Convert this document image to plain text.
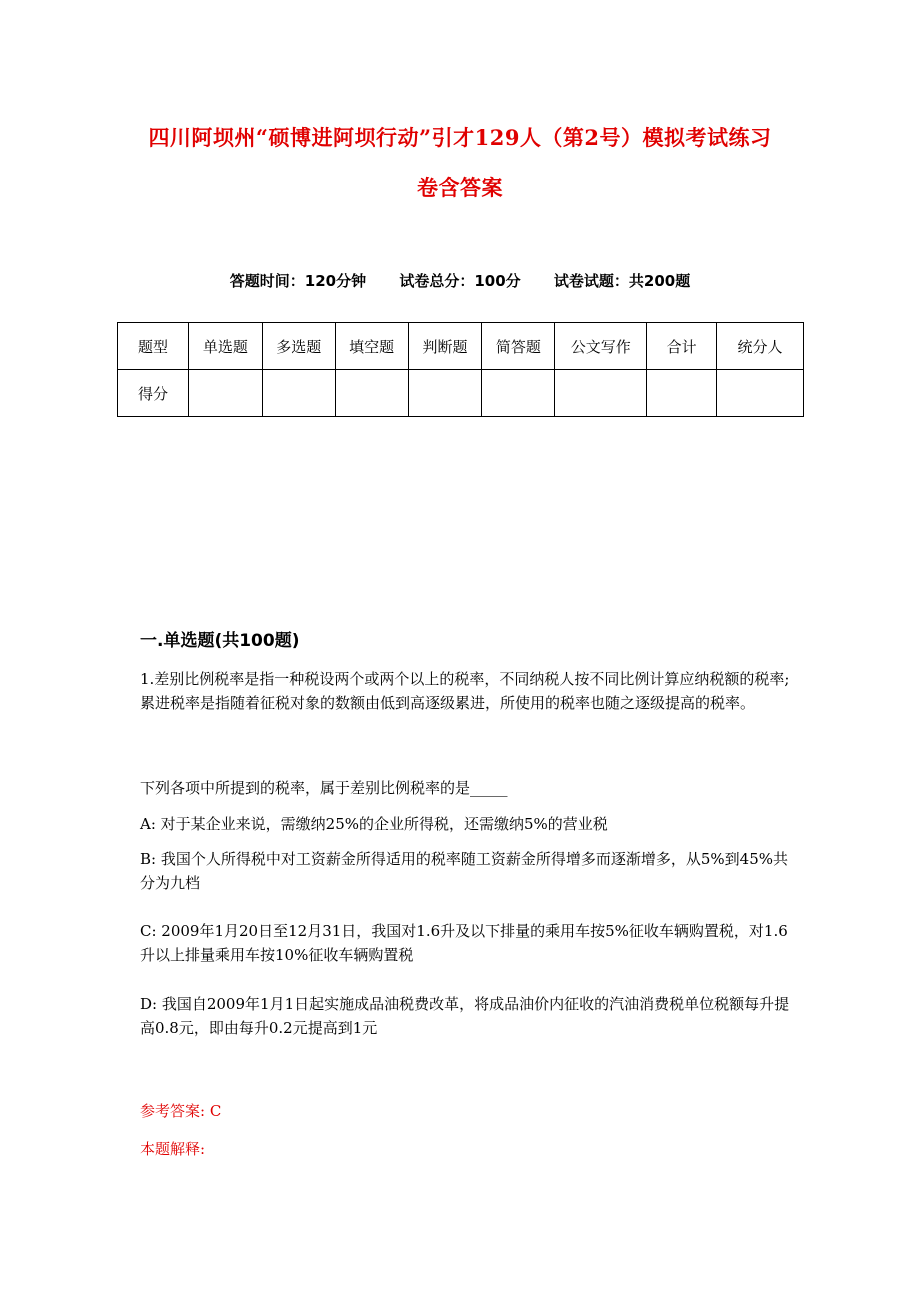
四川阿坝州“硕博进阿坝行动”引才129人（第2号）模拟考试练习
卷含答案
答题时间：120分钟 试卷总分：100分 试卷试题：共200题
题型	单选题	多选题	填空题	判断题	简答题	公文写作	合计	统分人
得分								
一.单选题(共100题)

1.差别比例税率是指一种税设两个或两个以上的税率，不同纳税人按不同比例计算应纳税额的税率;累进税率是指随着征税对象的数额由低到高逐级累进，所使用的税率也随之逐级提高的税率。

下列各项中所提到的税率，属于差别比例税率的是_____

A: 对于某企业来说，需缴纳25%的企业所得税，还需缴纳5%的营业税

B: 我国个人所得税中对工资薪金所得适用的税率随工资薪金所得增多而逐渐增多，从5%到45%共分为九档

C: 2009年1月20日至12月31日，我国对1.6升及以下排量的乘用车按5%征收车辆购置税，对1.6升以上排量乘用车按10%征收车辆购置税

D: 我国自2009年1月1日起实施成品油税费改革，将成品油价内征收的汽油消费税单位税额每升提高0.8元，即由每升0.2元提高到1元

参考答案: C
本题解释:
